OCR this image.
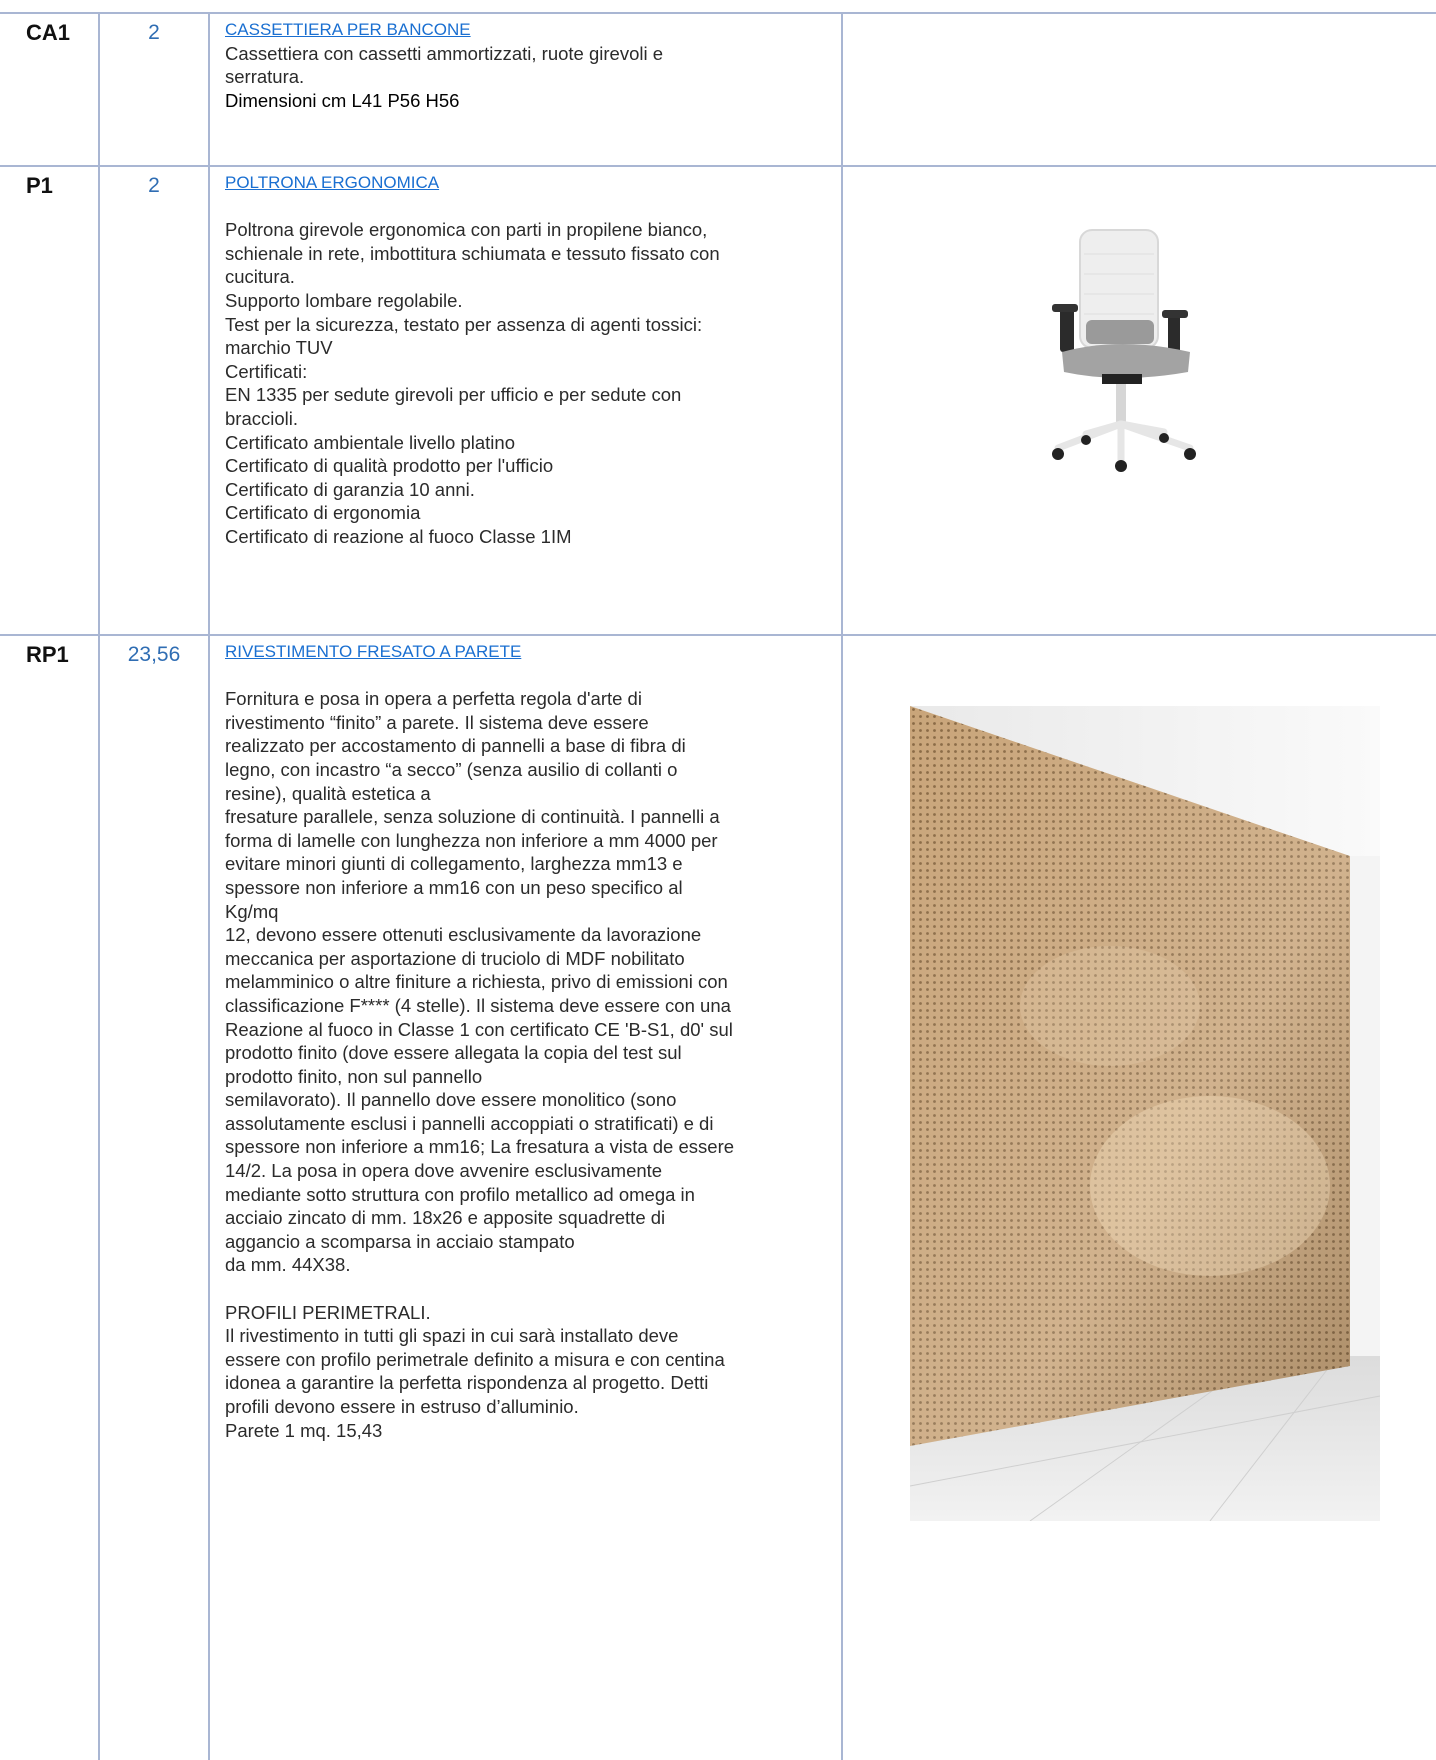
CA1	2	CASSETTIERA PER BANCONE
Cassettiera con cassetti ammortizzati, ruote girevoli e
serratura.
Dimensioni cm L41 P56 H56
P1	2	POLTRONA ERGONOMICA
Poltrona girevole ergonomica con parti in propilene bianco,
schienale in rete, imbottitura schiumata e tessuto fissato con
cucitura.
Supporto lombare regolabile.
Test per la sicurezza, testato per assenza di agenti tossici:
marchio TUV
Certificati:
EN 1335 per sedute girevoli per ufficio e per sedute con
braccioli.
Certificato ambientale livello platino
Certificato di qualità prodotto per l'ufficio
Certificato di garanzia 10 anni.
Certificato di ergonomia
Certificato di reazione al fuoco Classe 1IM
RP1	23,56	RIVESTIMENTO FRESATO A PARETE
Fornitura e posa in opera a perfetta regola d'arte di
rivestimento “finito” a parete. Il sistema deve essere
realizzato per accostamento di pannelli a base di fibra di
legno, con incastro “a secco” (senza ausilio di collanti o
resine), qualità estetica a
fresature parallele, senza soluzione di continuità. I pannelli a
forma di lamelle con lunghezza non inferiore a mm 4000 per
evitare minori giunti di collegamento, larghezza mm13 e
spessore non inferiore a mm16 con un peso specifico al
Kg/mq
12, devono essere ottenuti esclusivamente da lavorazione
meccanica per asportazione di truciolo di MDF nobilitato
melamminico o altre finiture a richiesta, privo di emissioni con
classificazione F**** (4 stelle). Il sistema deve essere con una
Reazione al fuoco in Classe 1 con certificato CE 'B-S1, d0' sul
prodotto finito (dove essere allegata la copia del test sul
prodotto finito, non sul pannello
semilavorato). Il pannello dove essere monolitico (sono
assolutamente esclusi i pannelli accoppiati o stratificati) e di
spessore non inferiore a mm16; La fresatura a vista de essere
14/2. La posa in opera dove avvenire esclusivamente
mediante sotto struttura con profilo metallico ad omega in
acciaio zincato di mm. 18x26 e apposite squadrette di
aggancio a scomparsa in acciaio stampato
da mm. 44X38.
PROFILI PERIMETRALI.
Il rivestimento in tutti gli spazi in cui sarà installato deve
essere con profilo perimetrale definito a misura e con centina
idonea a garantire la perfetta rispondenza al progetto. Detti
profili devono essere in estruso d’alluminio.
Parete 1 mq. 15,43
